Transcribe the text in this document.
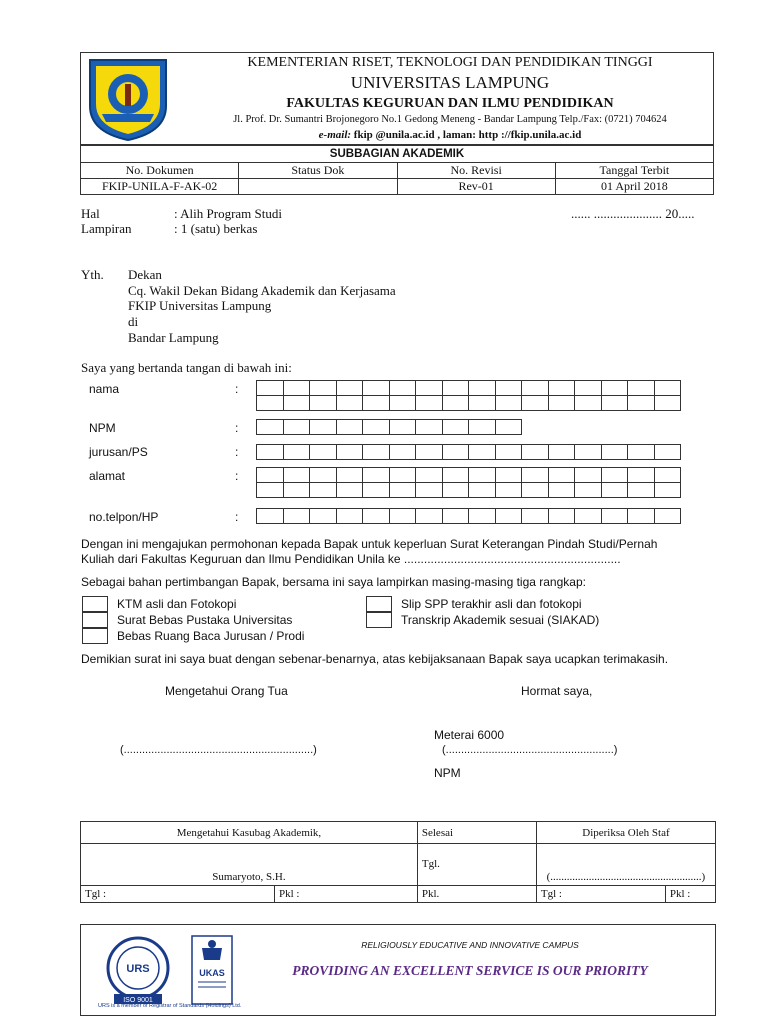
KEMENTERIAN RISET, TEKNOLOGI DAN PENDIDIKAN TINGGI
UNIVERSITAS LAMPUNG
FAKULTAS KEGURUAN DAN ILMU PENDIDIKAN
Jl. Prof. Dr. Sumantri Brojonegoro No.1 Gedong Meneng - Bandar Lampung Telp./Fax: (0721) 704624
e-mail: fkip @unila.ac.id , laman: http ://fkip.unila.ac.id
SUBBAGIAN AKADEMIK
No. Dokumen	Status Dok	No. Revisi	Tanggal Terbit
FKIP-UNILA-F-AK-02		Rev-01	01 April 2018
Hal	: Alih Program Studi	...... ..................... 20.....
Lampiran	: 1 (satu) berkas
Yth. Dekan
Cq. Wakil Dekan Bidang Akademik dan Kerjasama
FKIP Universitas Lampung
di
Bandar Lampung
Saya yang bertanda tangan di bawah ini:
nama	:
NPM	:
jurusan/PS	:
alamat	:
no.telpon/HP	:
Dengan ini mengajukan permohonan kepada Bapak untuk keperluan Surat Keterangan Pindah Studi/Pernah
Kuliah dari Fakultas Keguruan dan Ilmu Pendidikan Unila ke .................................................................
Sebagai bahan pertimbangan Bapak, bersama ini saya lampirkan masing-masing tiga rangkap:
KTM asli dan Fotokopi
Surat Bebas Pustaka Universitas
Bebas Ruang Baca Jurusan / Prodi
Slip SPP terakhir asli dan fotokopi
Transkrip Akademik sesuai (SIAKAD)
Demikian surat ini saya buat dengan sebenar-benarnya, atas kebijaksanaan Bapak saya ucapkan terimakasih.
Mengetahui Orang Tua	Hormat saya,
Meterai 6000
(..............................................................)	(.......................................................)
NPM
Mengetahui Kasubag Akademik,		Selesai	Diperiksa Oleh Staf	
Sumaryoto, S.H.		Tgl.	(.......................................................)	
Tgl :	Pkl :	Pkl.	Tgl :	Pkl :
URS
ISO 9001
UKAS
URS is a member of Registrar of Standards (Holdings) Ltd.
RELIGIOUSLY EDUCATIVE AND INNOVATIVE CAMPUS
PROVIDING AN EXCELLENT SERVICE IS OUR PRIORITY
